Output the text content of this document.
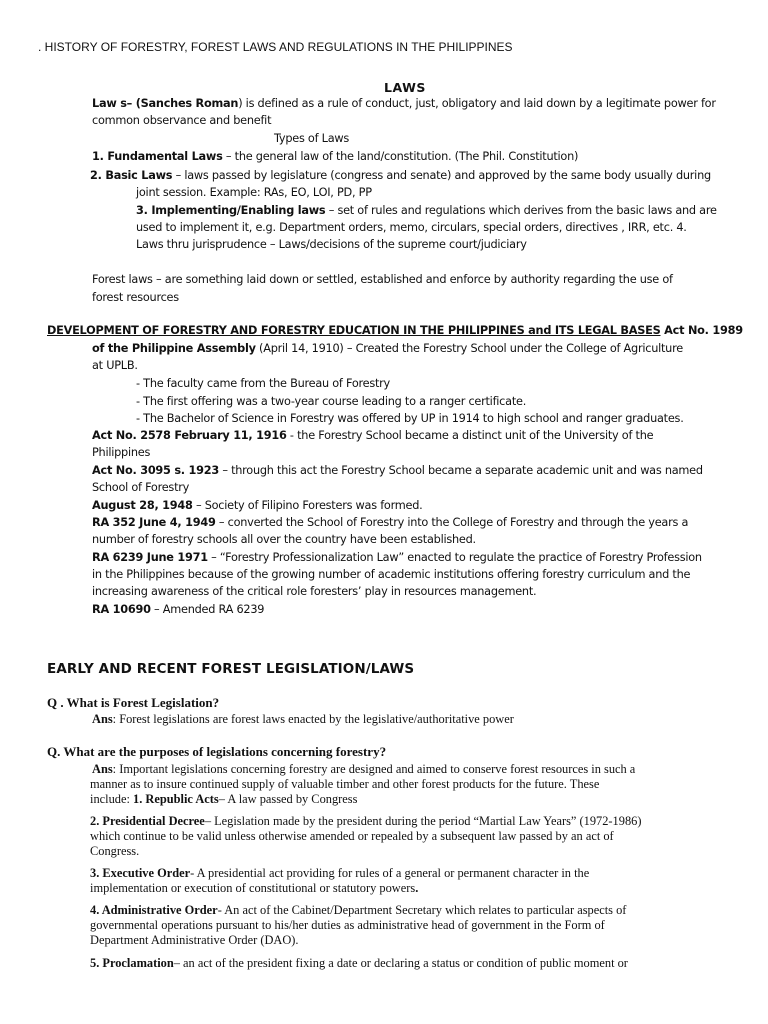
. HISTORY OF FORESTRY, FOREST LAWS AND REGULATIONS IN THE PHILIPPINES
LAWS
Law s– (Sanches Roman) is defined as a rule of conduct, just, obligatory and laid down by a legitimate power for
common observance and benefit
Types of Laws
1. Fundamental Laws – the general law of the land/constitution. (The Phil. Constitution)
2. Basic Laws – laws passed by legislature (congress and senate) and approved by the same body usually during
joint session. Example: RAs, EO, LOI, PD, PP
3. Implementing/Enabling laws – set of rules and regulations which derives from the basic laws and are
used to implement it, e.g. Department orders, memo, circulars, special orders, directives , IRR, etc. 4.
Laws thru jurisprudence – Laws/decisions of the supreme court/judiciary
Forest laws – are something laid down or settled, established and enforce by authority regarding the use of
forest resources
DEVELOPMENT OF FORESTRY AND FORESTRY EDUCATION IN THE PHILIPPINES and ITS LEGAL BASES Act No. 1989
of the Philippine Assembly (April 14, 1910) – Created the Forestry School under the College of Agriculture
at UPLB.
- The faculty came from the Bureau of Forestry
- The first offering was a two-year course leading to a ranger certificate.
- The Bachelor of Science in Forestry was offered by UP in 1914 to high school and ranger graduates.
Act No. 2578 February 11, 1916 - the Forestry School became a distinct unit of the University of the
Philippines
Act No. 3095 s. 1923 – through this act the Forestry School became a separate academic unit and was named
School of Forestry
August 28, 1948 – Society of Filipino Foresters was formed.
RA 352 June 4, 1949 – converted the School of Forestry into the College of Forestry and through the years a
number of forestry schools all over the country have been established.
RA 6239 June 1971 – “Forestry Professionalization Law” enacted to regulate the practice of Forestry Profession
in the Philippines because of the growing number of academic institutions offering forestry curriculum and the
increasing awareness of the critical role foresters’ play in resources management.
RA 10690 – Amended RA 6239
EARLY AND RECENT FOREST LEGISLATION/LAWS
Q . What is Forest Legislation?
Ans: Forest legislations are forest laws enacted by the legislative/authoritative power
Q. What are the purposes of legislations concerning forestry?
Ans: Important legislations concerning forestry are designed and aimed to conserve forest resources in such a
manner as to insure continued supply of valuable timber and other forest products for the future. These
include: 1. Republic Acts– A law passed by Congress
2. Presidential Decree– Legislation made by the president during the period “Martial Law Years” (1972-1986)
which continue to be valid unless otherwise amended or repealed by a subsequent law passed by an act of
Congress.
3. Executive Order- A presidential act providing for rules of a general or permanent character in the
implementation or execution of constitutional or statutory powers.
4. Administrative Order- An act of the Cabinet/Department Secretary which relates to particular aspects of
governmental operations pursuant to his/her duties as administrative head of government in the Form of
Department Administrative Order (DAO).
5. Proclamation– an act of the president fixing a date or declaring a status or condition of public moment or
